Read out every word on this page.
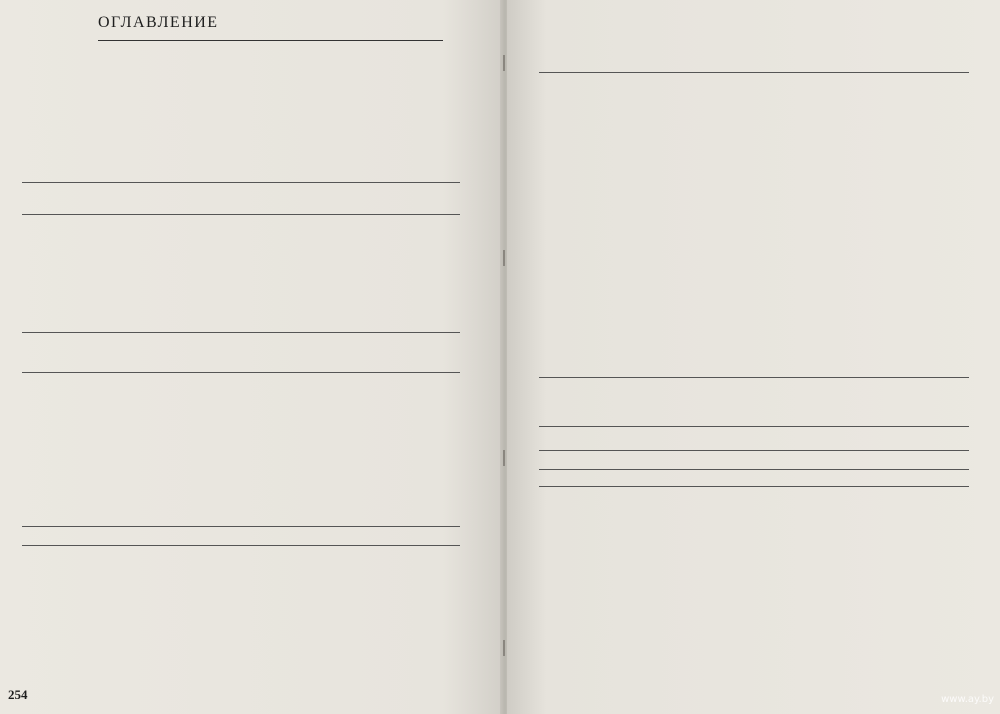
ОГЛАВЛЕНИЕ
254	www.ay.by
